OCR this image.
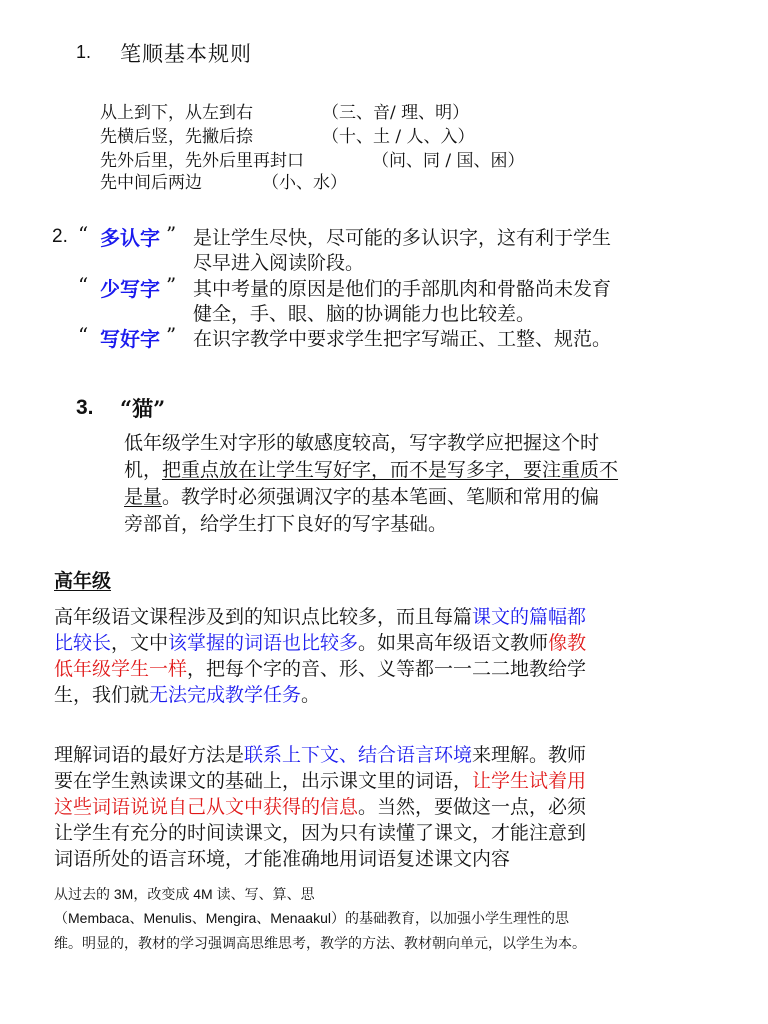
1. 笔顺基本规则
从上到下，从左到右	（三、音/ 理、明）
先横后竖，先撇后捺	（十、土 / 人、入）
先外后里，先外后里再封口	（问、同 / 国、困）
先中间后两边	（小、水）
2. “ 多认字 ” 是让学生尽快，尽可能的多认识字，这有利于学生
尽早进入阅读阶段。
“ 少写字 ” 其中考量的原因是他们的手部肌肉和骨骼尚未发育
健全，手、眼、脑的协调能力也比较差。
“ 写好字 ” 在识字教学中要求学生把字写端正、工整、规范。
3. “猫”
低年级学生对字形的敏感度较高，写字教学应把握这个时
机，把重点放在让学生写好字，而不是写多字，要注重质不
是量。教学时必须强调汉字的基本笔画、笔顺和常用的偏
旁部首，给学生打下良好的写字基础。
高年级
高年级语文课程涉及到的知识点比较多，而且每篇课文的篇幅都
比较长，文中该掌握的词语也比较多。如果高年级语文教师像教
低年级学生一样，把每个字的音、形、义等都一一二二地教给学
生，我们就无法完成教学任务。
理解词语的最好方法是联系上下文、结合语言环境来理解。教师
要在学生熟读课文的基础上，出示课文里的词语，让学生试着用
这些词语说说自己从文中获得的信息。当然，要做这一点，必须
让学生有充分的时间读课文，因为只有读懂了课文，才能注意到
词语所处的语言环境，才能准确地用词语复述课文内容
从过去的 3M，改变成 4M 读、写、算、思
（Membaca、Menulis、Mengira、Menaakul）的基础教育，以加强小学生理性的思
维。明显的，教材的学习强调高思维思考，教学的方法、教材朝向单元，以学生为本。
